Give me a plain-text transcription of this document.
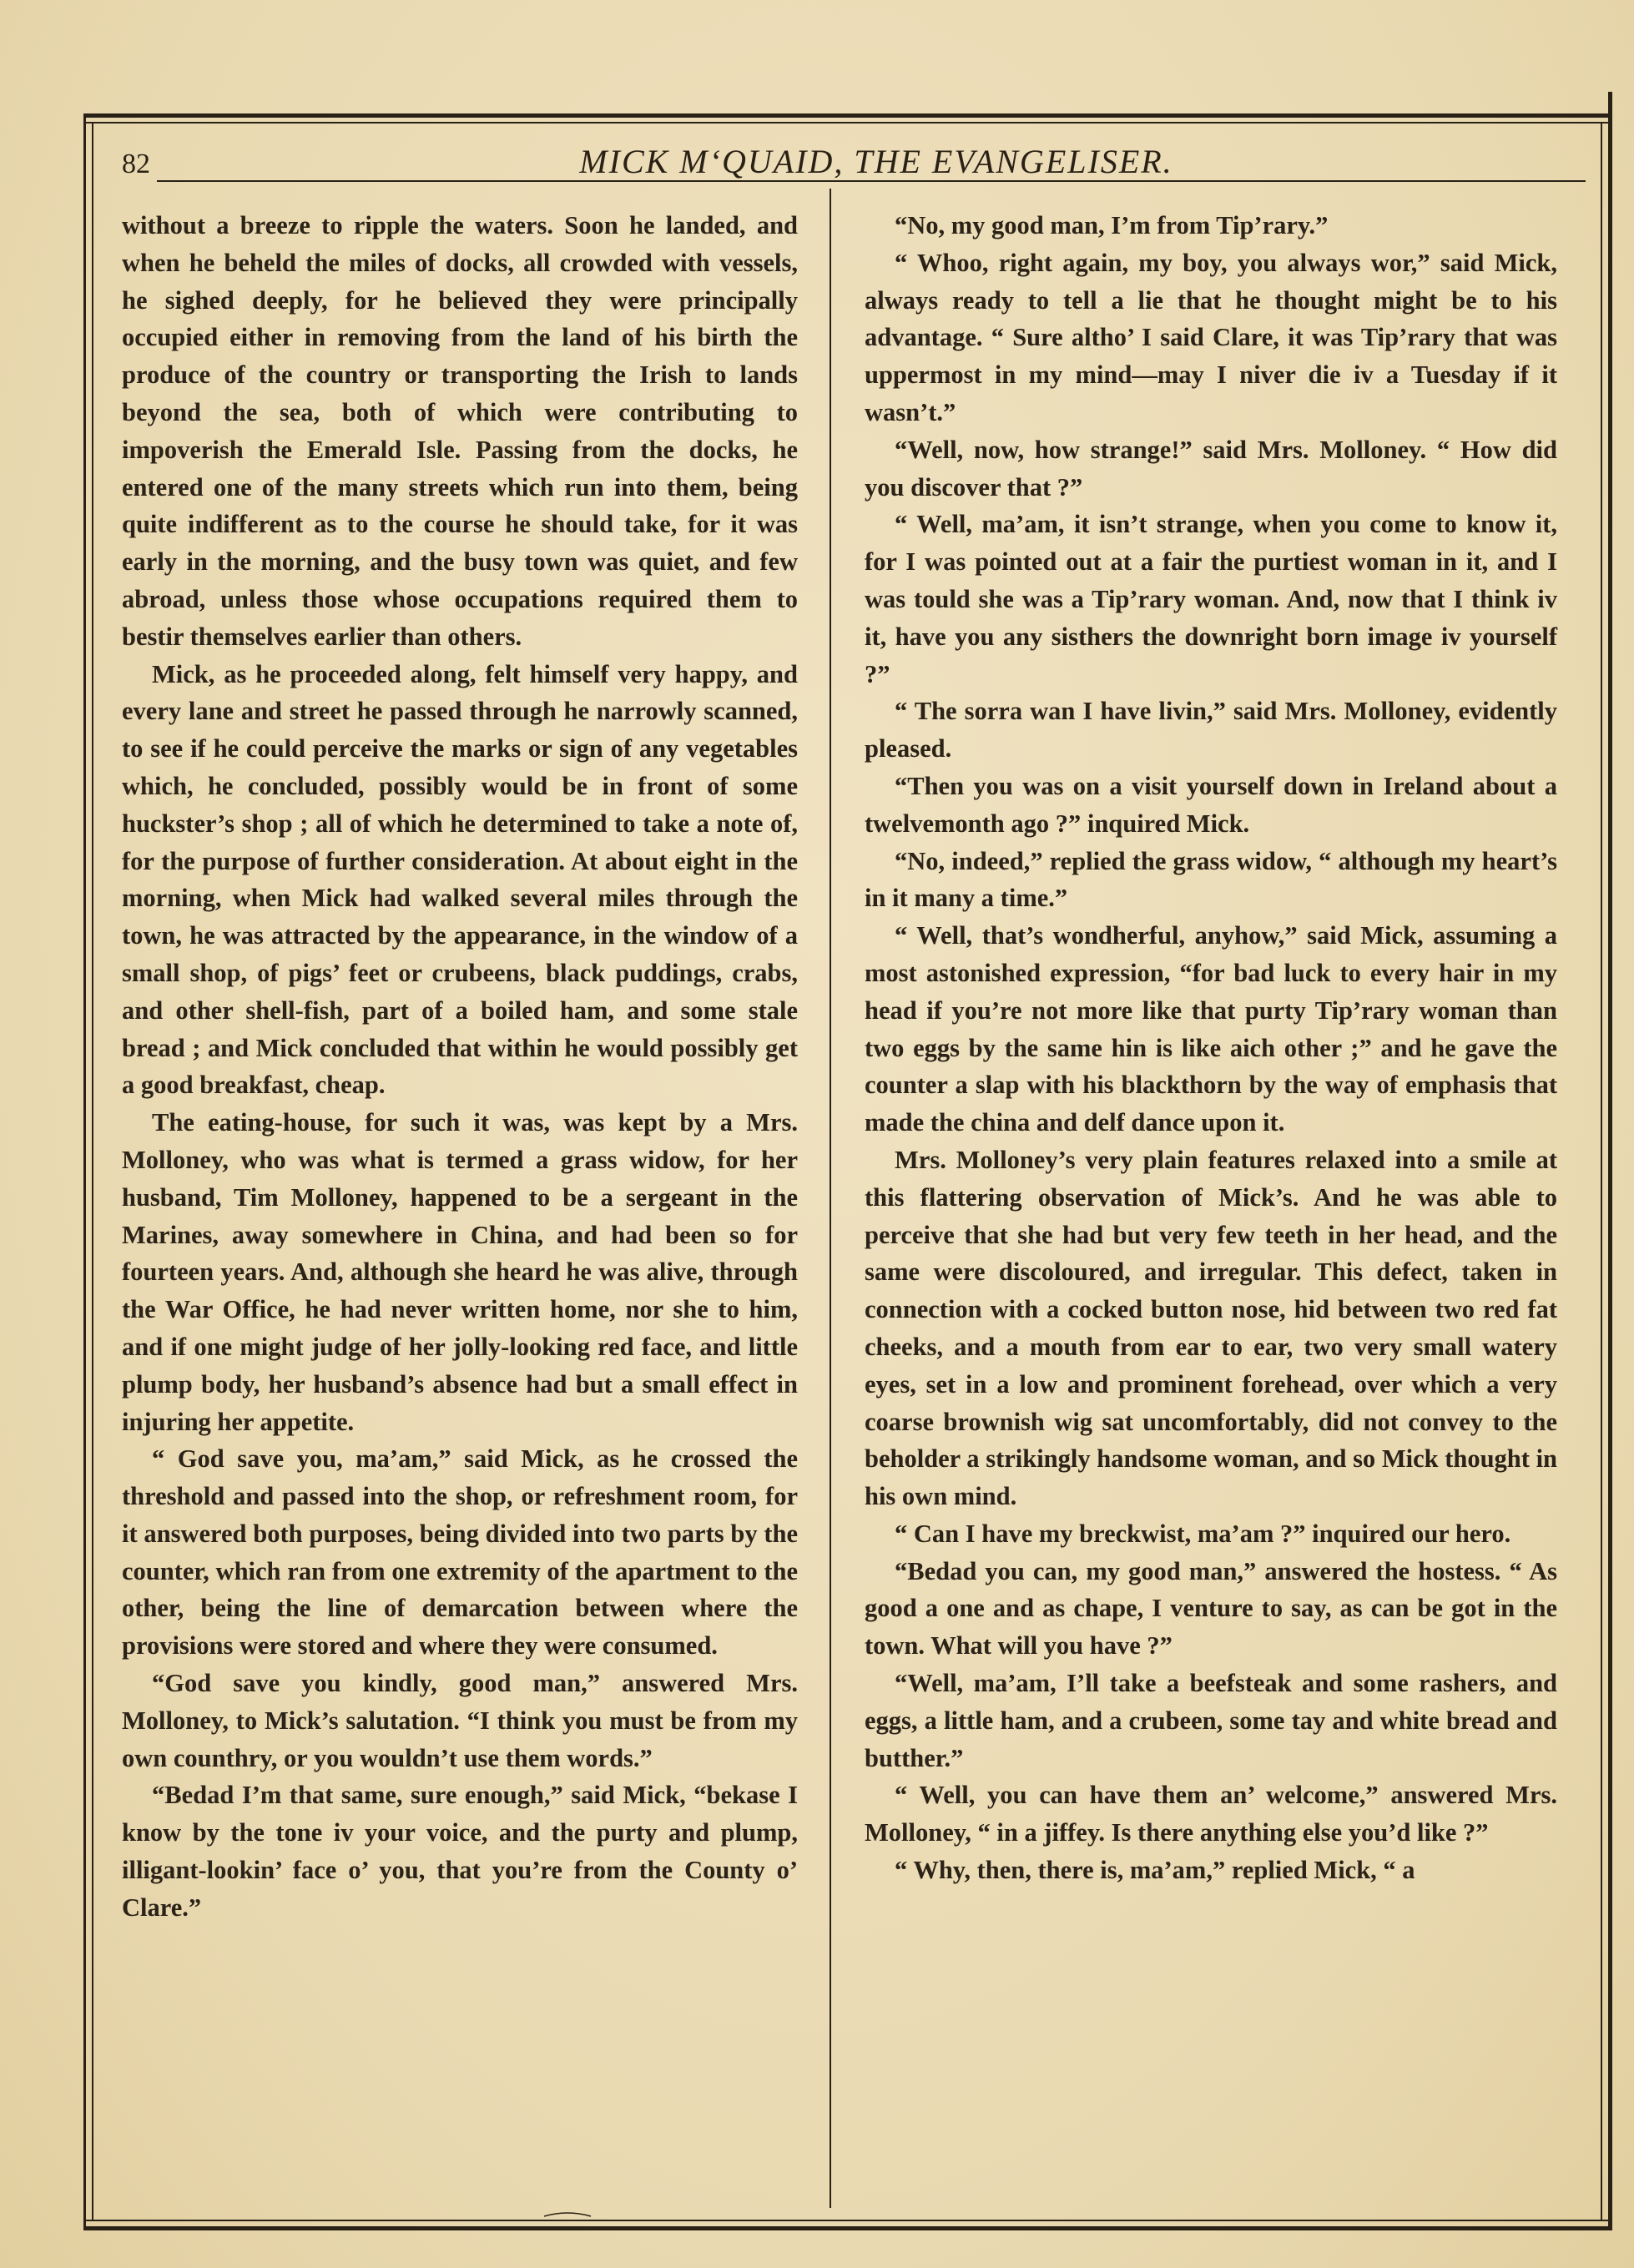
82	MICK M‘QUAID, THE EVANGELISER.

without a breeze to ripple the waters. Soon he landed, and when he beheld the miles of docks, all crowded with vessels, he sighed deeply, for he believed they were principally occupied either in removing from the land of his birth the produce of the country or transporting the Irish to lands beyond the sea, both of which were contributing to impoverish the Emerald Isle. Passing from the docks, he entered one of the many streets which run into them, being quite indifferent as to the course he should take, for it was early in the morning, and the busy town was quiet, and few abroad, unless those whose occupations required them to bestir themselves earlier than others.

Mick, as he proceeded along, felt himself very happy, and every lane and street he passed through he narrowly scanned, to see if he could perceive the marks or sign of any vegetables which, he concluded, possibly would be in front of some huckster’s shop ; all of which he determined to take a note of, for the purpose of further consideration. At about eight in the morning, when Mick had walked several miles through the town, he was attracted by the appearance, in the window of a small shop, of pigs’ feet or crubeens, black puddings, crabs, and other shell-fish, part of a boiled ham, and some stale bread ; and Mick concluded that within he would possibly get a good breakfast, cheap.

The eating-house, for such it was, was kept by a Mrs. Molloney, who was what is termed a grass widow, for her husband, Tim Molloney, happened to be a sergeant in the Marines, away somewhere in China, and had been so for fourteen years. And, although she heard he was alive, through the War Office, he had never written home, nor she to him, and if one might judge of her jolly-looking red face, and little plump body, her husband’s absence had but a small effect in injuring her appetite.

“ God save you, ma’am,” said Mick, as he crossed the threshold and passed into the shop, or refreshment room, for it answered both purposes, being divided into two parts by the counter, which ran from one extremity of the apartment to the other, being the line of demarcation between where the provisions were stored and where they were consumed.

“God save you kindly, good man,” answered Mrs. Molloney, to Mick’s salutation. “I think you must be from my own counthry, or you wouldn’t use them words.”

“Bedad I’m that same, sure enough,” said Mick, “bekase I know by the tone iv your voice, and the purty and plump, illigant-lookin’ face o’ you, that you’re from the County o’ Clare.”

“No, my good man, I’m from Tip’rary.”

“ Whoo, right again, my boy, you always wor,” said Mick, always ready to tell a lie that he thought might be to his advantage. “ Sure altho’ I said Clare, it was Tip’rary that was uppermost in my mind—may I niver die iv a Tuesday if it wasn’t.”

“Well, now, how strange!” said Mrs. Molloney. “ How did you discover that ?”

“ Well, ma’am, it isn’t strange, when you come to know it, for I was pointed out at a fair the purtiest woman in it, and I was tould she was a Tip’rary woman. And, now that I think iv it, have you any sisthers the downright born image iv yourself ?”

“ The sorra wan I have livin,” said Mrs. Molloney, evidently pleased.

“Then you was on a visit yourself down in Ireland about a twelvemonth ago ?” inquired Mick.

“No, indeed,” replied the grass widow, “ although my heart’s in it many a time.”

“ Well, that’s wondherful, anyhow,” said Mick, assuming a most astonished expression, “for bad luck to every hair in my head if you’re not more like that purty Tip’rary woman than two eggs by the same hin is like aich other ;” and he gave the counter a slap with his blackthorn by the way of emphasis that made the china and delf dance upon it.

Mrs. Molloney’s very plain features relaxed into a smile at this flattering observation of Mick’s. And he was able to perceive that she had but very few teeth in her head, and the same were discoloured, and irregular. This defect, taken in connection with a cocked button nose, hid between two red fat cheeks, and a mouth from ear to ear, two very small watery eyes, set in a low and prominent forehead, over which a very coarse brownish wig sat uncomfortably, did not convey to the beholder a strikingly handsome woman, and so Mick thought in his own mind.

“ Can I have my breckwist, ma’am ?” inquired our hero.

“Bedad you can, my good man,” answered the hostess. “ As good a one and as chape, I venture to say, as can be got in the town. What will you have ?”

“Well, ma’am, I’ll take a beefsteak and some rashers, and eggs, a little ham, and a crubeen, some tay and white bread and butther.”

“ Well, you can have them an’ welcome,” answered Mrs. Molloney, “ in a jiffey. Is there anything else you’d like ?”

“ Why, then, there is, ma’am,” replied Mick, “ a
